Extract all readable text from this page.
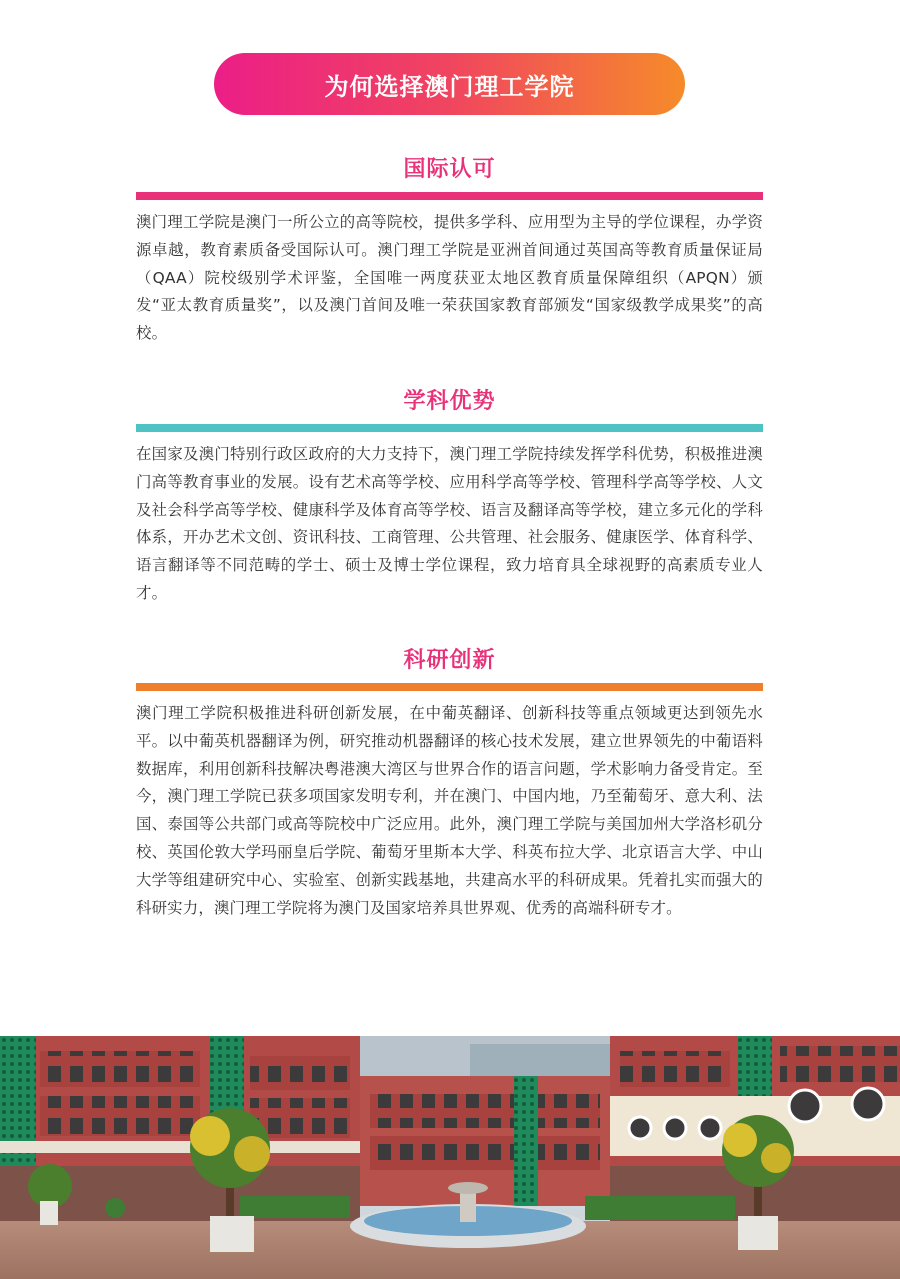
为何选择澳门理工学院
国际认可

澳门理工学院是澳门一所公立的高等院校，提供多学科、应用型为主导的学位课程，办学资源卓越，教育素质备受国际认可。澳门理工学院是亚洲首间通过英国高等教育质量保证局（QAA）院校级别学术评鉴，全国唯一两度获亚太地区教育质量保障组织（APQN）颁发“亚太教育质量奖”，以及澳门首间及唯一荣获国家教育部颁发“国家级教学成果奖”的高校。

学科优势

在国家及澳门特别行政区政府的大力支持下，澳门理工学院持续发挥学科优势，积极推进澳门高等教育事业的发展。设有艺术高等学校、应用科学高等学校、管理科学高等学校、人文及社会科学高等学校、健康科学及体育高等学校、语言及翻译高等学校，建立多元化的学科体系，开办艺术文创、资讯科技、工商管理、公共管理、社会服务、健康医学、体育科学、语言翻译等不同范畴的学士、硕士及博士学位课程，致力培育具全球视野的高素质专业人才。

科研创新

澳门理工学院积极推进科研创新发展，在中葡英翻译、创新科技等重点领域更达到领先水平。以中葡英机器翻译为例，研究推动机器翻译的核心技术发展，建立世界领先的中葡语料数据库，利用创新科技解决粤港澳大湾区与世界合作的语言问题，学术影响力备受肯定。至今，澳门理工学院已获多项国家发明专利，并在澳门、中国内地，乃至葡萄牙、意大利、法国、泰国等公共部门或高等院校中广泛应用。此外，澳门理工学院与美国加州大学洛杉矶分校、英国伦敦大学玛丽皇后学院、葡萄牙里斯本大学、科英布拉大学、北京语言大学、中山大学等组建研究中心、实验室、创新实践基地，共建高水平的科研成果。凭着扎实而强大的科研实力，澳门理工学院将为澳门及国家培养具世界观、优秀的高端科研专才。
